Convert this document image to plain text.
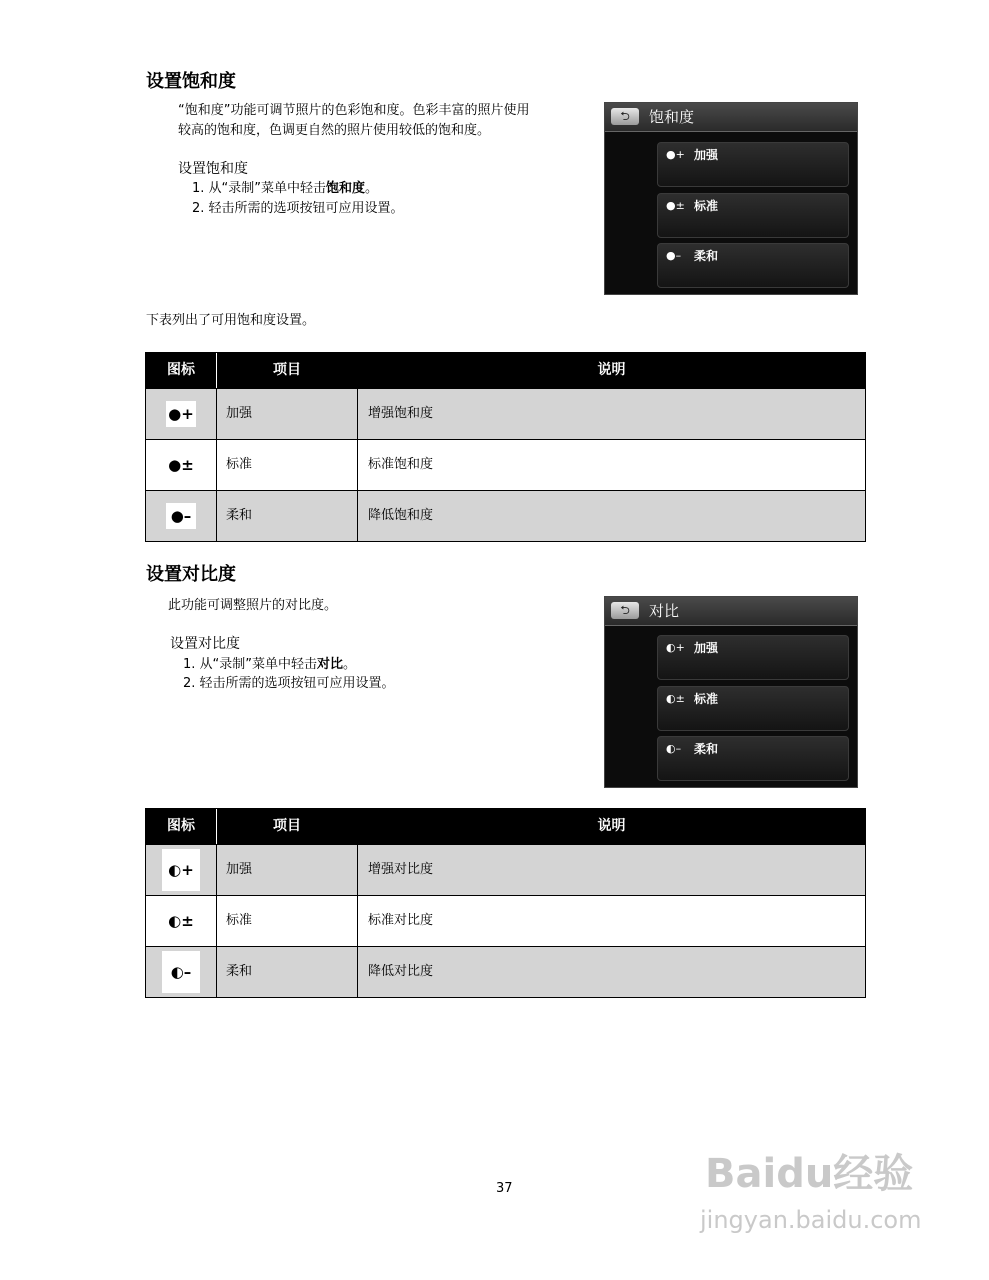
设置饱和度

“饱和度”功能可调节照片的色彩饱和度。色彩丰富的照片使用

较高的饱和度，色调更自然的照片使用较低的饱和度。

设置饱和度
1. 从“录制”菜单中轻击饱和度。
2. 轻击所需的选项按钮可应用设置。
⮌	饱和度
●+ 加强
●± 标准
●– 柔和

下表列出了可用饱和度设置。

图标	项目	说明
●+ 加强	增强饱和度
●± 标准	标准饱和度
●–	柔和	降低饱和度
设置对比度

此功能可调整照片的对比度。

设置对比度
1. 从“录制”菜单中轻击对比。
2. 轻击所需的选项按钮可应用设置。
⮌	对比
◐+ 加强
◐± 标准
◐– 柔和
图标	项目	说明
◐+	加强	增强对比度
◐± 标准	标准对比度
◐–	柔和	降低对比度
37	Baidu经验
jingyan.baidu.com
